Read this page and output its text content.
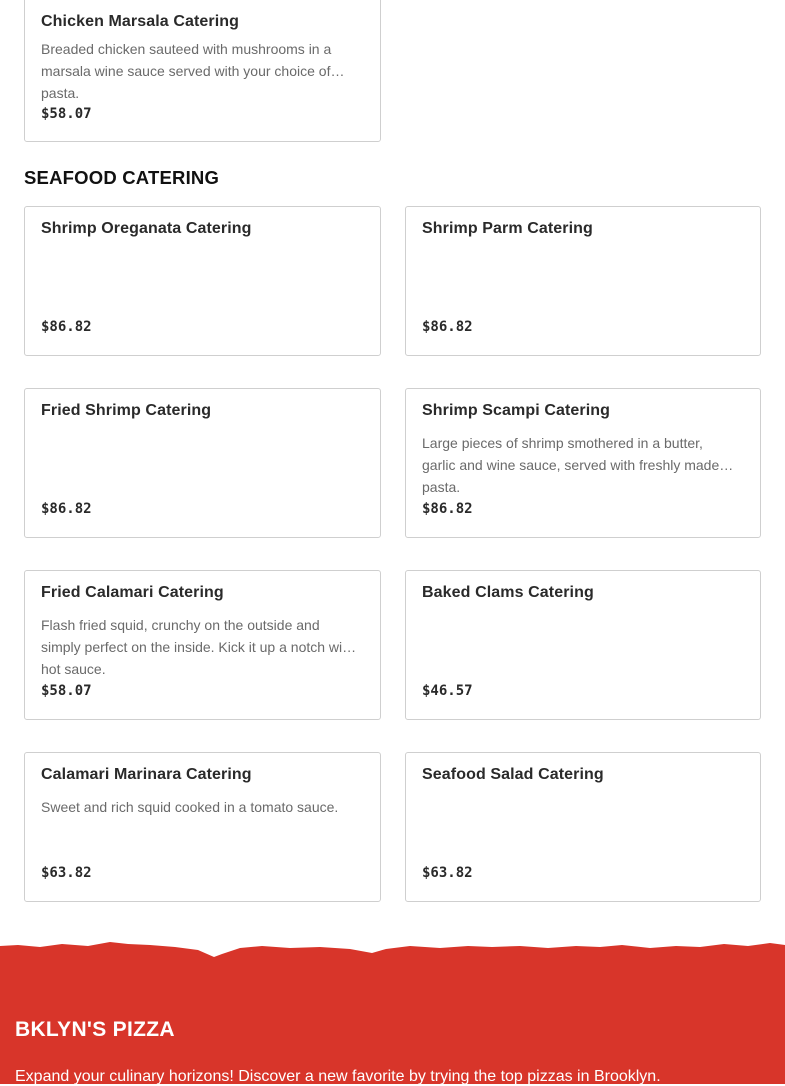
Chicken Marsala Catering
Breaded chicken sauteed with mushrooms in a marsala wine sauce served with your choice of pasta.
$58.07
SEAFOOD CATERING
Shrimp Oreganata Catering
$86.82
Shrimp Parm Catering
$86.82
Fried Shrimp Catering
$86.82
Shrimp Scampi Catering
Large pieces of shrimp smothered in a butter, garlic and wine sauce, served with freshly made pasta.
$86.82
Fried Calamari Catering
Flash fried squid, crunchy on the outside and simply perfect on the inside. Kick it up a notch with hot sauce.
$58.07
Baked Clams Catering
$46.57
Calamari Marinara Catering
Sweet and rich squid cooked in a tomato sauce.
$63.82
Seafood Salad Catering
$63.82
BKLYN'S PIZZA
Expand your culinary horizons! Discover a new favorite by trying the top pizzas in Brooklyn.
